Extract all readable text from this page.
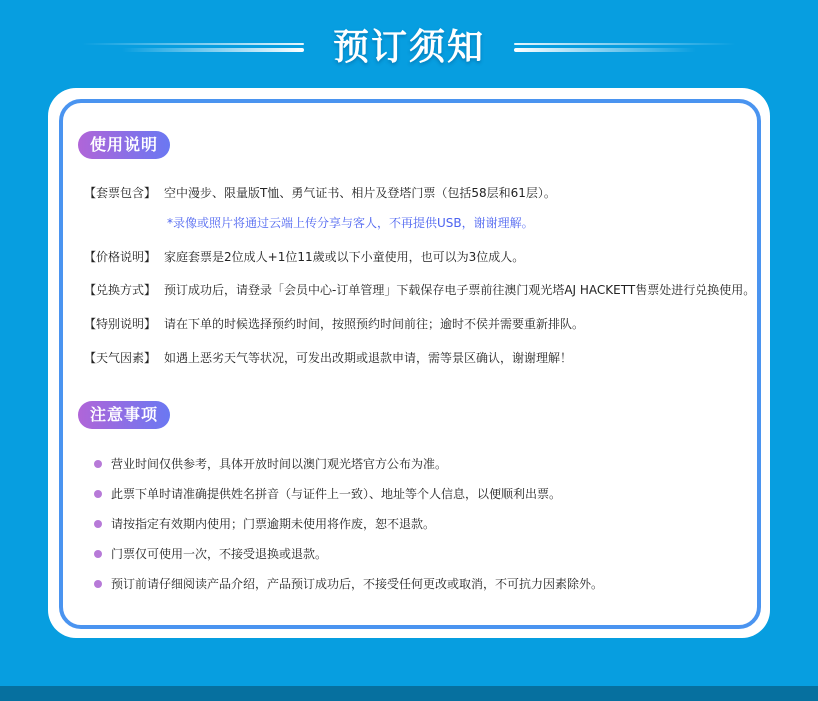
预订须知
使用说明
【套票包含】 空中漫步、限量版T恤、勇气证书、相片及登塔门票（包括58层和61层）。
*录像或照片将通过云端上传分享与客人，不再提供USB，谢谢理解。
【价格说明】 家庭套票是2位成人+1位11歲或以下小童使用，也可以为3位成人。
【兑换方式】 预订成功后，请登录「会员中心-订单管理」下载保存电子票前往澳门观光塔AJ HACKETT售票处进行兑换使用。
【特别说明】 请在下单的时候选择预约时间，按照预约时间前往；逾时不侯并需要重新排队。
【天气因素】 如遇上恶劣天气等状况，可发出改期或退款申请，需等景区确认，谢谢理解！
注意事项
营业时间仅供参考，具体开放时间以澳门观光塔官方公布为准。
此票下单时请准确提供姓名拼音（与证件上一致）、地址等个人信息，以便顺利出票。
请按指定有效期内使用；门票逾期未使用将作废，恕不退款。
门票仅可使用一次，不接受退换或退款。
预订前请仔细阅读产品介绍，产品预订成功后，不接受任何更改或取消，不可抗力因素除外。
